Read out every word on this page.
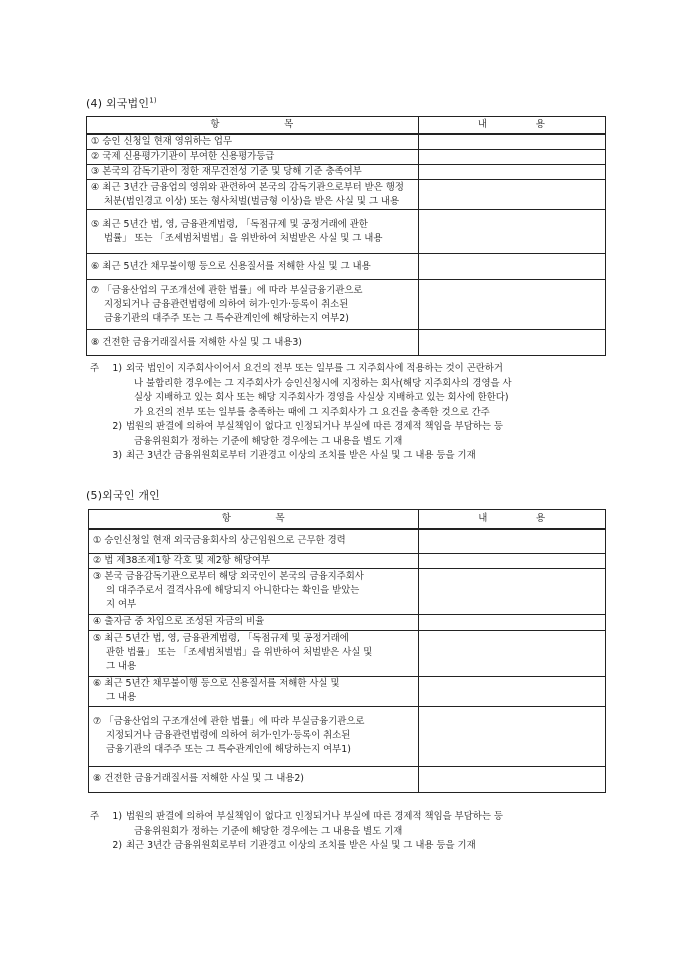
(4) 외국법인$^{1)}$
항                목	내            용

① 승인 신청일 현재 영위하는 업무	

② 국제 신용평가기관이 부여한 신용평가등급	

③ 본국의 감독기관이 정한 재무건전성 기준 및 당해 기준 충족여부	

④ 최근 3년간 금융업의 영위와 관련하여 본국의 감독기관으로부터 받은 행정
처분(법인경고 이상) 또는 형사처벌(벌금형 이상)을 받은 사실 및 그 내용	

⑤ 최근 5년간 법, 영, 금융관계법령, 「독점규제 및 공정거래에 관한
법률」 또는 「조세범처벌법」을 위반하여 처벌받은 사실 및 그 내용	

⑥ 최근 5년간 채무불이행 등으로 신용질서를 저해한 사실 및 그 내용	

⑦ 「금융산업의 구조개선에 관한 법률」에 따라 부실금융기관으로
지정되거나 금융관련법령에 의하여 허가·인가·등록이 취소된
금융기관의 대주주 또는 그 특수관계인에 해당하는지 여부2)	

⑧ 건전한 금융거래질서를 저해한 사실 및 그 내용3)	

주	1) 외국 법인이 지주회사이어서 요건의 전부 또는 일부를 그 지주회사에 적용하는 것이 곤란하거
나 불합리한 경우에는 그 지주회사가 승인신청시에 지정하는 회사(해당 지주회사의 경영을 사
실상 지배하고 있는 회사 또는 해당 지주회사가 경영을 사실상 지배하고 있는 회사에 한한다)
가 요건의 전부 또는 일부를 충족하는 때에 그 지주회사가 그 요건을 충족한 것으로 간주
2) 법원의 판결에 의하여 부실책임이 없다고 인정되거나 부실에 따른 경제적 책임을 부담하는 등
금융위원회가 정하는 기준에 해당한 경우에는 그 내용을 별도 기재
3) 최근 3년간 금융위원회로부터 기관경고 이상의 조치를 받은 사실 및 그 내용 등을 기재
(5)외국인 개인
항           목	내            용

① 승인신청일 현재 외국금융회사의 상근임원으로 근무한 경력	

② 법 제38조제1항 각호 및 제2항 해당여부	

③ 본국 금융감독기관으로부터 해당 외국인이 본국의 금융지주회사
의 대주주로서 결격사유에 해당되지 아니한다는 확인을 받았는
지 여부	

④ 출자금 중 차입으로 조성된 자금의 비율	

⑤ 최근 5년간 법, 영, 금융관계법령, 「독점규제 및 공정거래에
관한 법률」 또는 「조세범처벌법」을 위반하여 처벌받은 사실 및
그 내용	

⑥ 최근 5년간 채무불이행 등으로 신용질서를 저해한 사실 및
그 내용	

⑦ 「금융산업의 구조개선에 관한 법률」에 따라 부실금융기관으로
지정되거나 금융관련법령에 의하여 허가·인가·등록이 취소된
금융기관의 대주주 또는 그 특수관계인에 해당하는지 여부1)	

⑧ 건전한 금융거래질서를 저해한 사실 및 그 내용2)	

주	1) 법원의 판결에 의하여 부실책임이 없다고 인정되거나 부실에 따른 경제적 책임을 부담하는 등
금융위원회가 정하는 기준에 해당한 경우에는 그 내용을 별도 기재
2) 최근 3년간 금융위원회로부터 기관경고 이상의 조치를 받은 사실 및 그 내용 등을 기재
